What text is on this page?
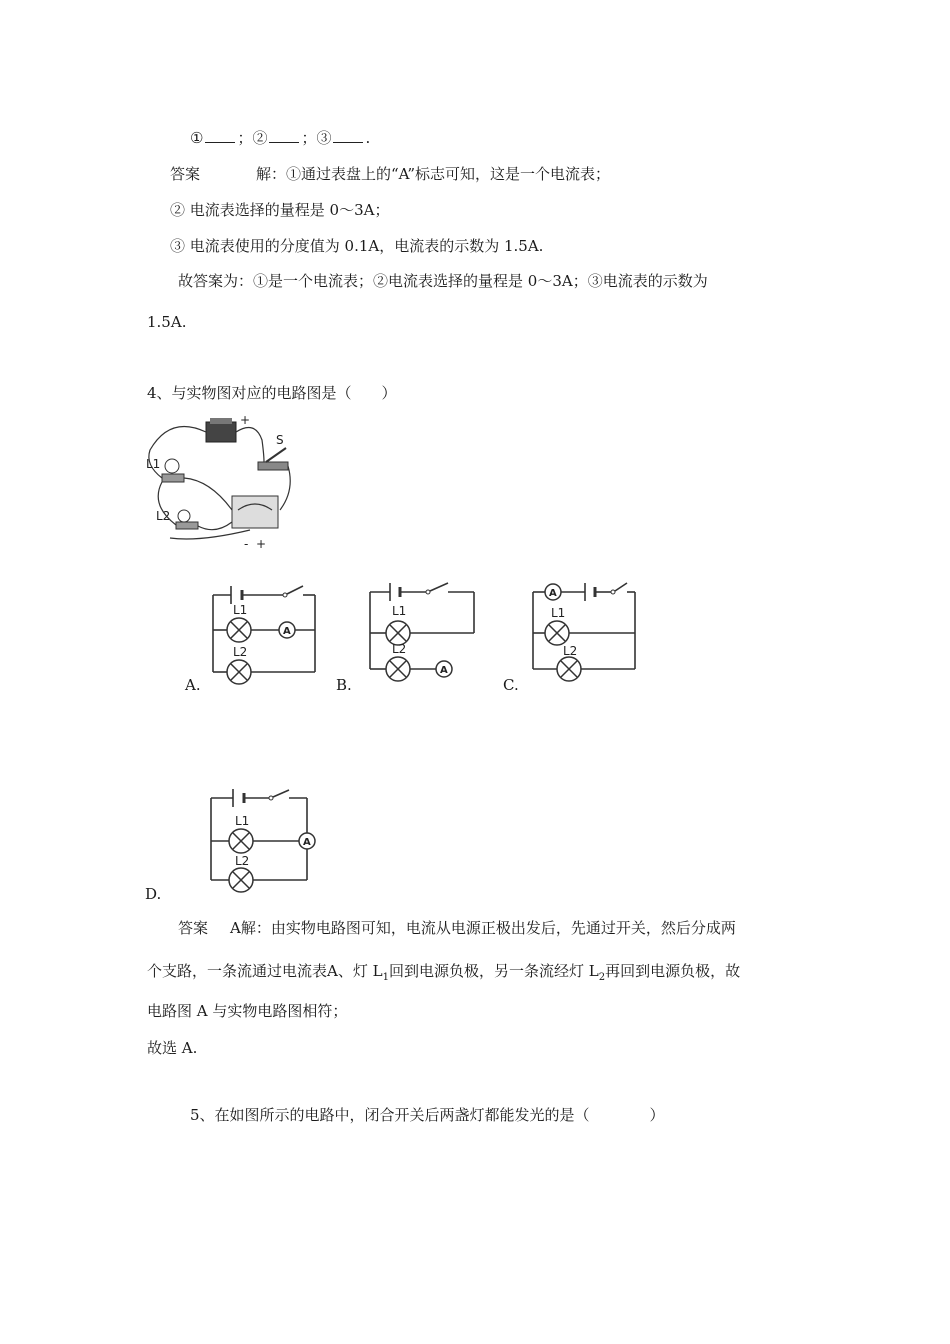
① ；② ；③ .
答案	解：①通过表盘上的“A”标志可知，这是一个电流表；
② 电流表选择的量程是 0～3A；
③ 电流表使用的分度值为 0.1A，电流表的示数为 1.5A.
故答案为：①是一个电流表；②电流表选择的量程是 0～3A；③电流表的示数为
1.5A.
4、与实物图对应的电路图是（　　）
+
S
L1
L2
- +
L1
A
L2
A.
L1
L2
A
B.
A
L1
L2
C.
A
L1
L2
D.
答案 A解：由实物电路图可知，电流从电源正极出发后，先通过开关，然后分成两
个支路，一条流通过电流表A、灯 $L_1$回到电源负极，另一条流经灯 $L_2$再回到电源负极，故
电路图 A 与实物电路图相符；
故选 A.
5、在如图所示的电路中，闭合开关后两盏灯都能发光的是（　　　　）
